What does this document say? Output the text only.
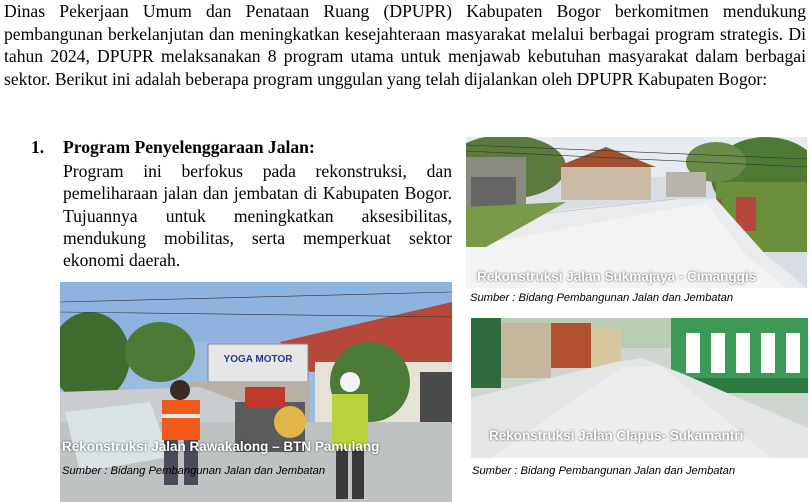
Dinas Pekerjaan Umum dan Penataan Ruang (DPUPR) Kabupaten Bogor berkomitmen mendukung pembangunan berkelanjutan dan meningkatkan kesejahteraan masyarakat melalui berbagai program strategis. Di tahun 2024, DPUPR melaksanakan 8 program utama untuk menjawab kebutuhan masyarakat dalam berbagai sektor. Berikut ini adalah beberapa program unggulan yang telah dijalankan oleh DPUPR Kabupaten Bogor:
1. Program Penyelenggaraan Jalan:
Program ini berfokus pada rekonstruksi, dan pemeliharaan jalan dan jembatan di Kabupaten Bogor. Tujuannya untuk meningkatkan aksesibilitas, mendukung mobilitas, serta memperkuat sektor ekonomi daerah.
Rekonstruksi Jalan Sukmajaya - Cimanggis
Sumber : Bidang Pembangunan Jalan dan Jembatan
YOGA MOTOR
Rekonstruksi Jalan Rawakalong – BTN Pamulang
Sumber : Bidang Pembangunan Jalan dan Jembatan
Rekonstruksi Jalan Clapus- Sukamantri
Sumber : Bidang Pembangunan Jalan dan Jembatan
